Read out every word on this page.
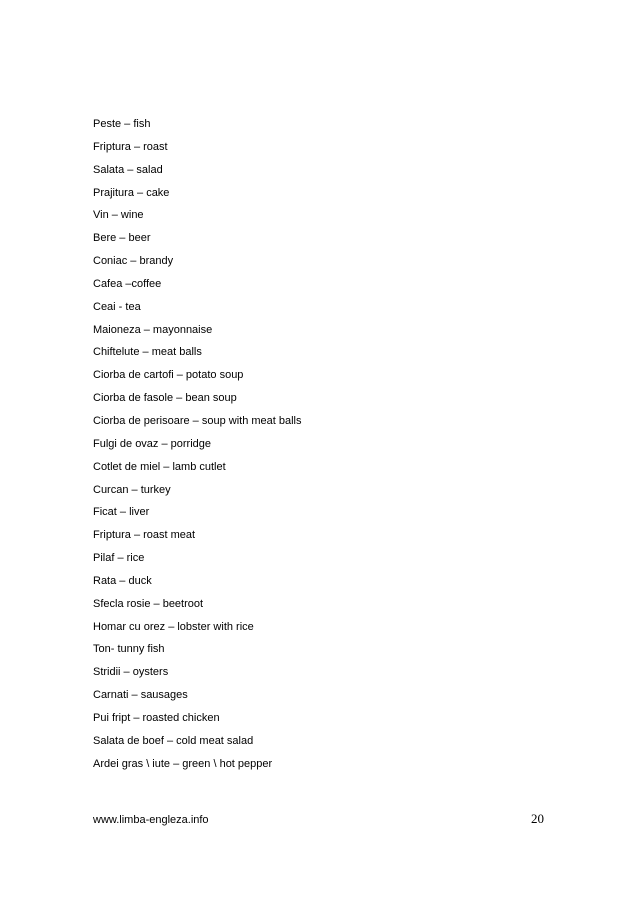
Peste – fish
Friptura – roast
Salata – salad
Prajitura – cake
Vin – wine
Bere – beer
Coniac – brandy
Cafea –coffee
Ceai - tea
Maioneza – mayonnaise
Chiftelute – meat balls
Ciorba de cartofi – potato soup
Ciorba de fasole – bean soup
Ciorba de perisoare – soup with meat balls
Fulgi de ovaz – porridge
Cotlet de miel – lamb cutlet
Curcan – turkey
Ficat – liver
Friptura – roast meat
Pilaf – rice
Rata – duck
Sfecla rosie – beetroot
Homar cu orez – lobster with rice
Ton- tunny fish
Stridii – oysters
Carnati – sausages
Pui fript – roasted chicken
Salata de boef – cold meat salad
Ardei gras \ iute – green \ hot pepper
www.limba-engleza.info	20
